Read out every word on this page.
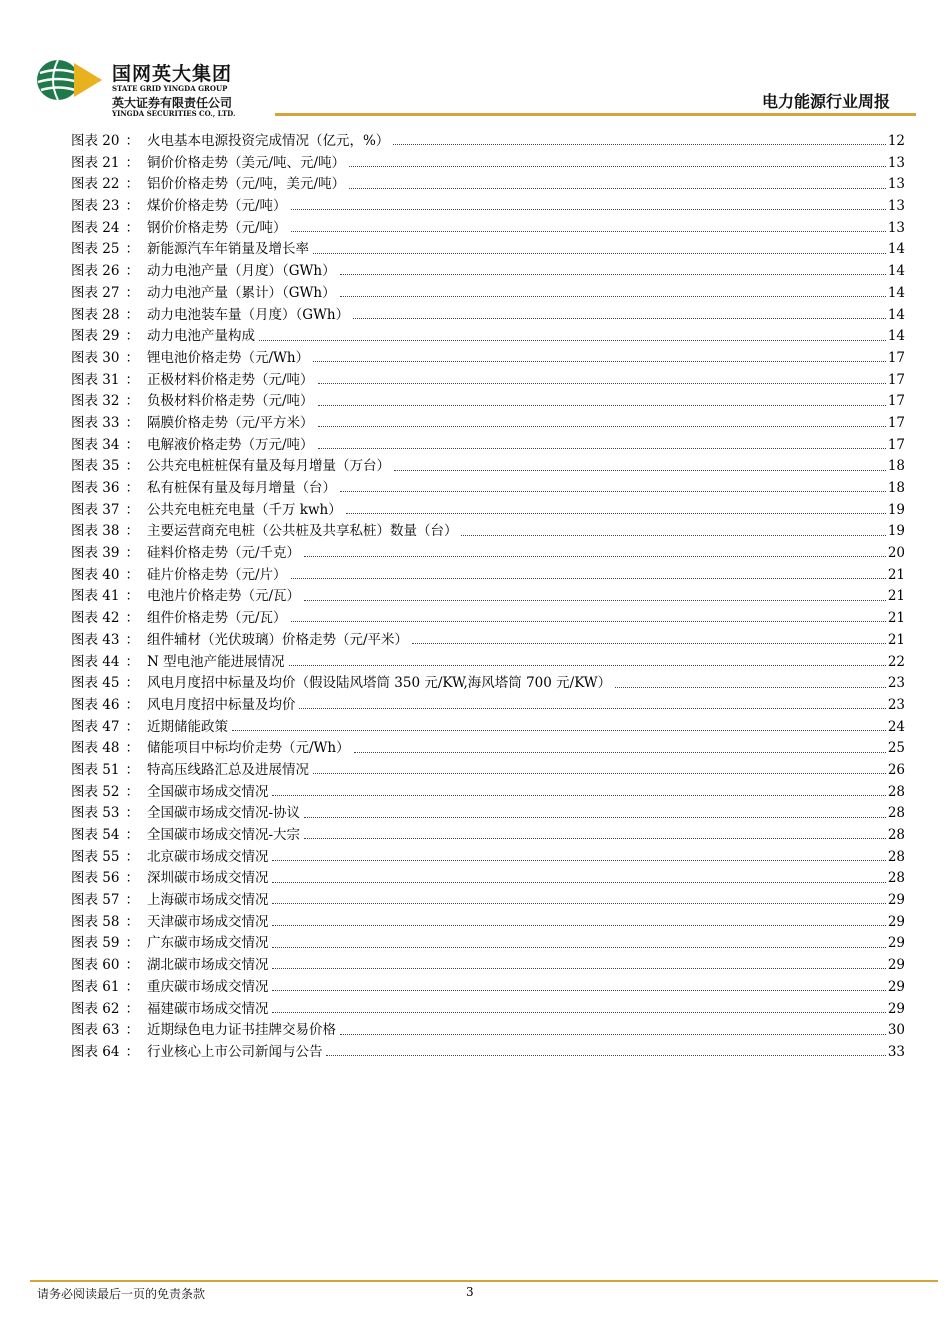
国网英大集团
STATE GRID YINGDA GROUP
英大证券有限责任公司
YINGDA SECURITIES CO., LTD.
电力能源行业周报
图表 20 ： 火电基本电源投资完成情况（亿元，%）	12
图表 21 ： 铜价价格走势（美元/吨、元/吨）	13
图表 22 ： 铝价价格走势（元/吨，美元/吨）	13
图表 23 ： 煤价价格走势（元/吨）	13
图表 24 ： 钢价价格走势（元/吨）	13
图表 25 ： 新能源汽车年销量及增长率	14
图表 26 ： 动力电池产量（月度）（GWh）	14
图表 27 ： 动力电池产量（累计）（GWh）	14
图表 28 ： 动力电池装车量（月度）（GWh）	14
图表 29 ： 动力电池产量构成	14
图表 30 ： 锂电池价格走势（元/Wh）	17
图表 31 ： 正极材料价格走势（元/吨）	17
图表 32 ： 负极材料价格走势（元/吨）	17
图表 33 ： 隔膜价格走势（元/平方米）	17
图表 34 ： 电解液价格走势（万元/吨）	17
图表 35 ： 公共充电桩桩保有量及每月增量（万台）	18
图表 36 ： 私有桩保有量及每月增量（台）	18
图表 37 ： 公共充电桩充电量（千万 kwh）	19
图表 38 ： 主要运营商充电桩（公共桩及共享私桩）数量（台）	19
图表 39 ： 硅料价格走势（元/千克）	20
图表 40 ： 硅片价格走势（元/片）	21
图表 41 ： 电池片价格走势（元/瓦）	21
图表 42 ： 组件价格走势（元/瓦）	21
图表 43 ： 组件辅材（光伏玻璃）价格走势（元/平米）	21
图表 44 ： N 型电池产能进展情况	22
图表 45 ： 风电月度招中标量及均价（假设陆风塔筒 350 元/KW,海风塔筒 700 元/KW）	23
图表 46 ： 风电月度招中标量及均价	23
图表 47 ： 近期储能政策	24
图表 48 ： 储能项目中标均价走势（元/Wh）	25
图表 51 ： 特高压线路汇总及进展情况	26
图表 52 ： 全国碳市场成交情况	28
图表 53 ： 全国碳市场成交情况-协议	28
图表 54 ： 全国碳市场成交情况-大宗	28
图表 55 ： 北京碳市场成交情况	28
图表 56 ： 深圳碳市场成交情况	28
图表 57 ： 上海碳市场成交情况	29
图表 58 ： 天津碳市场成交情况	29
图表 59 ： 广东碳市场成交情况	29
图表 60 ： 湖北碳市场成交情况	29
图表 61 ： 重庆碳市场成交情况	29
图表 62 ： 福建碳市场成交情况	29
图表 63 ： 近期绿色电力证书挂牌交易价格	30
图表 64 ： 行业核心上市公司新闻与公告	33
请务必阅读最后一页的免责条款	3
